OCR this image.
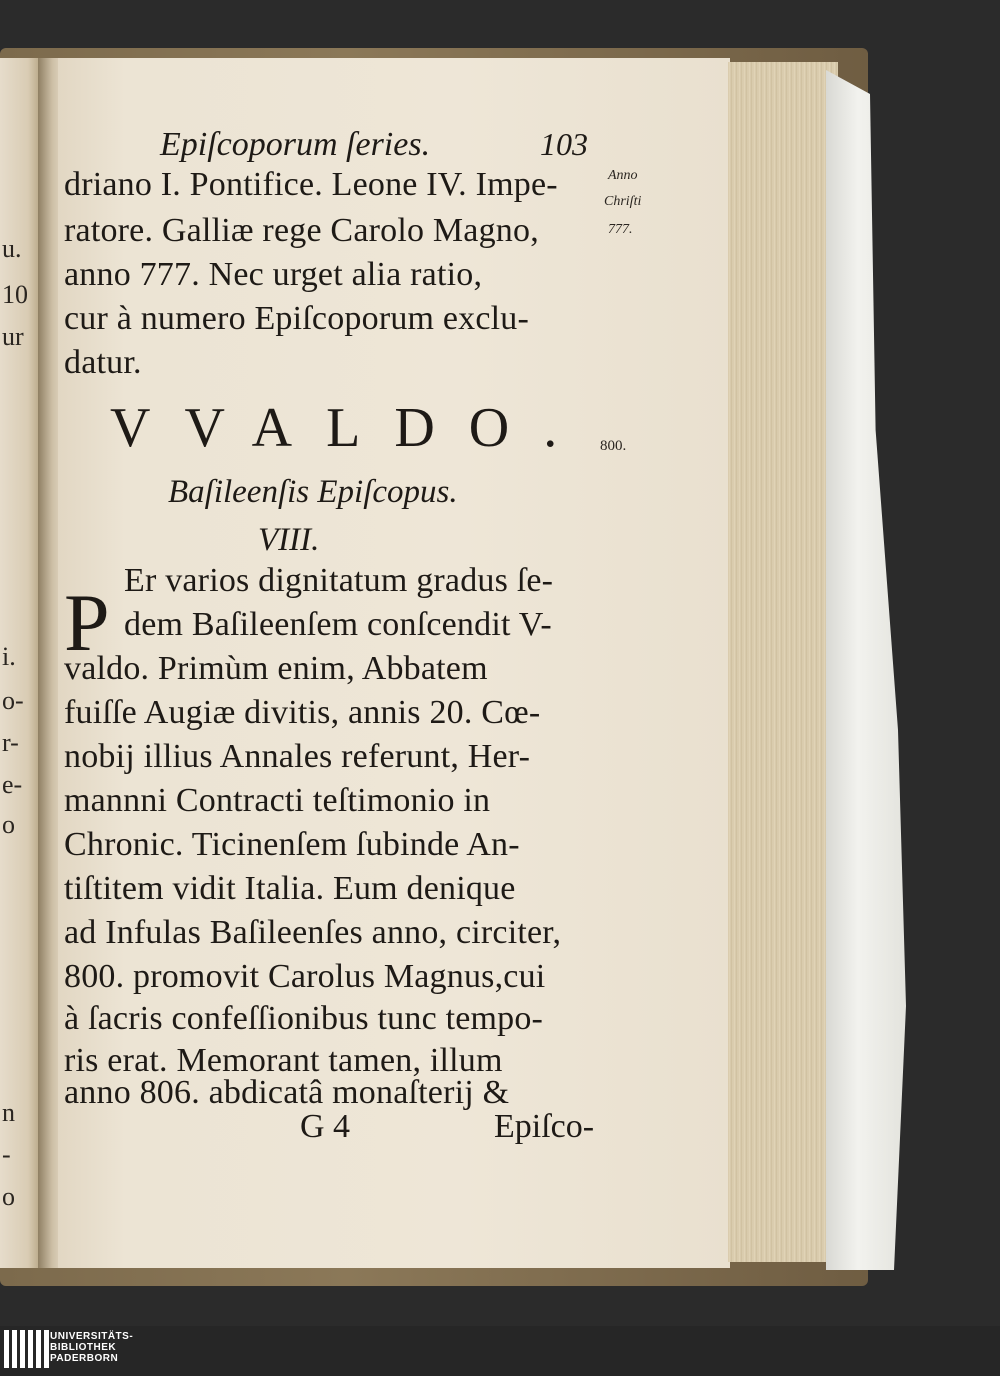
u.
10
ur
i.
o-
r-
e-
o
n
-
o
Epiſcoporum ſeries.	103
driano I. Pontifice. Leone IV. Impe-
ratore. Galliæ rege Carolo Magno,
anno 777. Nec urget alia ratio,
cur à numero Epiſcoporum exclu-
datur.
Anno
Chriſti
777.
VVALDO. 800.
Baſileenſis Epiſcopus.
VIII.
P Er varios dignitatum gradus ſe-
dem Baſileenſem conſcendit V-
valdo. Primùm enim, Abbatem
fuiſſe Augiæ divitis, annis 20. Cœ-
nobij illius Annales referunt, Her-
mannni Contracti teſtimonio in
Chronic. Ticinenſem ſubinde An-
tiſtitem vidit Italia. Eum denique
ad Infulas Baſileenſes anno, circiter,
800. promovit Carolus Magnus,cui
à ſacris confeſſionibus tunc tempo-
ris erat. Memorant tamen, illum
anno 806. abdicatâ monaſterij &
G 4	Epiſco-
UNIVERSITÄTS-
BIBLIOTHEK
PADERBORN
